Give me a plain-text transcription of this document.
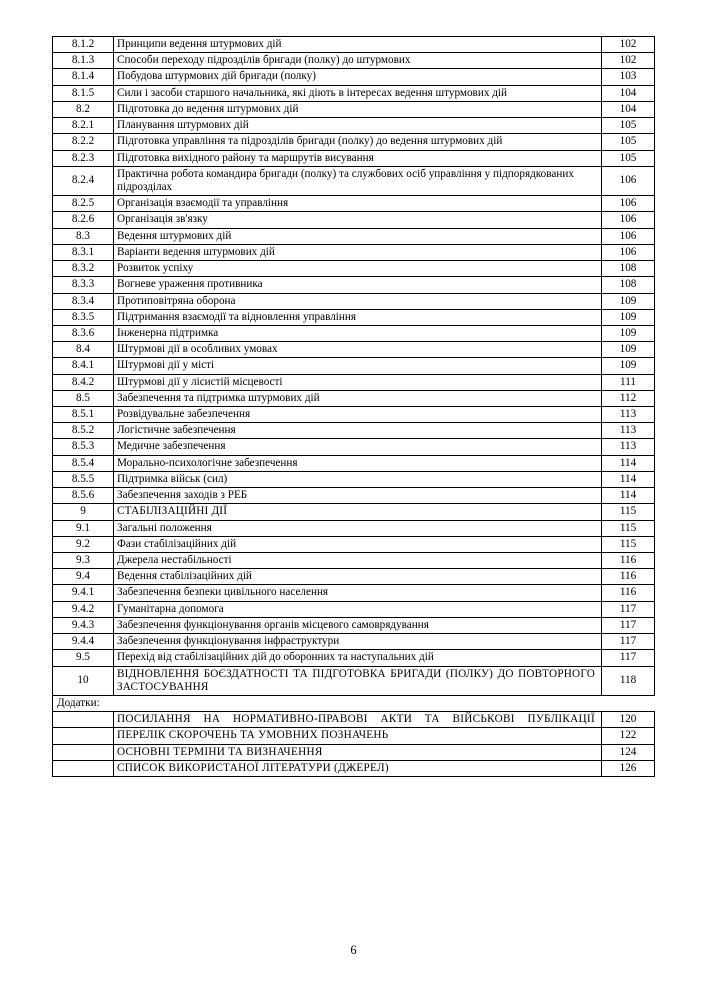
8.1.2	Принципи ведення штурмових дій	102
8.1.3	Способи переходу підрозділів бригади (полку) до штурмових	102
8.1.4	Побудова штурмових дій бригади (полку)	103
8.1.5	Сили і засоби старшого начальника, які діють в інтересах ведення штурмових дій	104
8.2	Підготовка до ведення штурмових дій	104
8.2.1	Планування штурмових дій	105
8.2.2	Підготовка управління та підрозділів бригади (полку) до ведення штурмових дій	105
8.2.3	Підготовка вихідного району та маршрутів висування	105
8.2.4	Практична робота командира бригади (полку) та службових осіб управління у підпорядкованих підрозділах	106
8.2.5	Організація взаємодії та управління	106
8.2.6	Організація зв'язку	106
8.3	Ведення штурмових дій	106
8.3.1	Варіанти ведення штурмових дій	106
8.3.2	Розвиток успіху	108
8.3.3	Вогневе ураження противника	108
8.3.4	Протиповітряна оборона	109
8.3.5	Підтримання взаємодії та відновлення управління	109
8.3.6	Інженерна підтримка	109
8.4	Штурмові дії в особливих умовах	109
8.4.1	Штурмові дії у місті	109
8.4.2	Штурмові дії у лісистій місцевості	111
8.5	Забезпечення та підтримка штурмових дій	112
8.5.1	Розвідувальне забезпечення	113
8.5.2	Логістичне забезпечення	113
8.5.3	Медичне забезпечення	113
8.5.4	Морально-психологічне забезпечення	114
8.5.5	Підтримка військ (сил)	114
8.5.6	Забезпечення заходів з РЕБ	114
9	СТАБІЛІЗАЦІЙНІ ДІЇ	115
9.1	Загальні положення	115
9.2	Фази стабілізаційних дій	115
9.3	Джерела нестабільності	116
9.4	Ведення стабілізаційних дій	116
9.4.1	Забезпечення безпеки цивільного населення	116
9.4.2	Гуманітарна допомога	117
9.4.3	Забезпечення функціонування органів місцевого самоврядування	117
9.4.4	Забезпечення функціонування інфраструктури	117
9.5	Перехід від стабілізаційних дій до оборонних та наступальних дій	117
10	ВІДНОВЛЕННЯ БОЄЗДАТНОСТІ ТА ПІДГОТОВКА БРИГАДИ (ПОЛКУ) ДО ПОВТОРНОГО ЗАСТОСУВАННЯ	118
Додатки:		
	ПОСИЛАННЯ НА НОРМАТИВНО-ПРАВОВІ АКТИ ТА ВІЙСЬКОВІ ПУБЛІКАЦІЇ	120
	ПЕРЕЛІК СКОРОЧЕНЬ ТА УМОВНИХ ПОЗНАЧЕНЬ	122
	ОСНОВНІ ТЕРМІНИ ТА ВИЗНАЧЕННЯ	124
	СПИСОК ВИКОРИСТАНОЇ ЛІТЕРАТУРИ (ДЖЕРЕЛ)	126
6
